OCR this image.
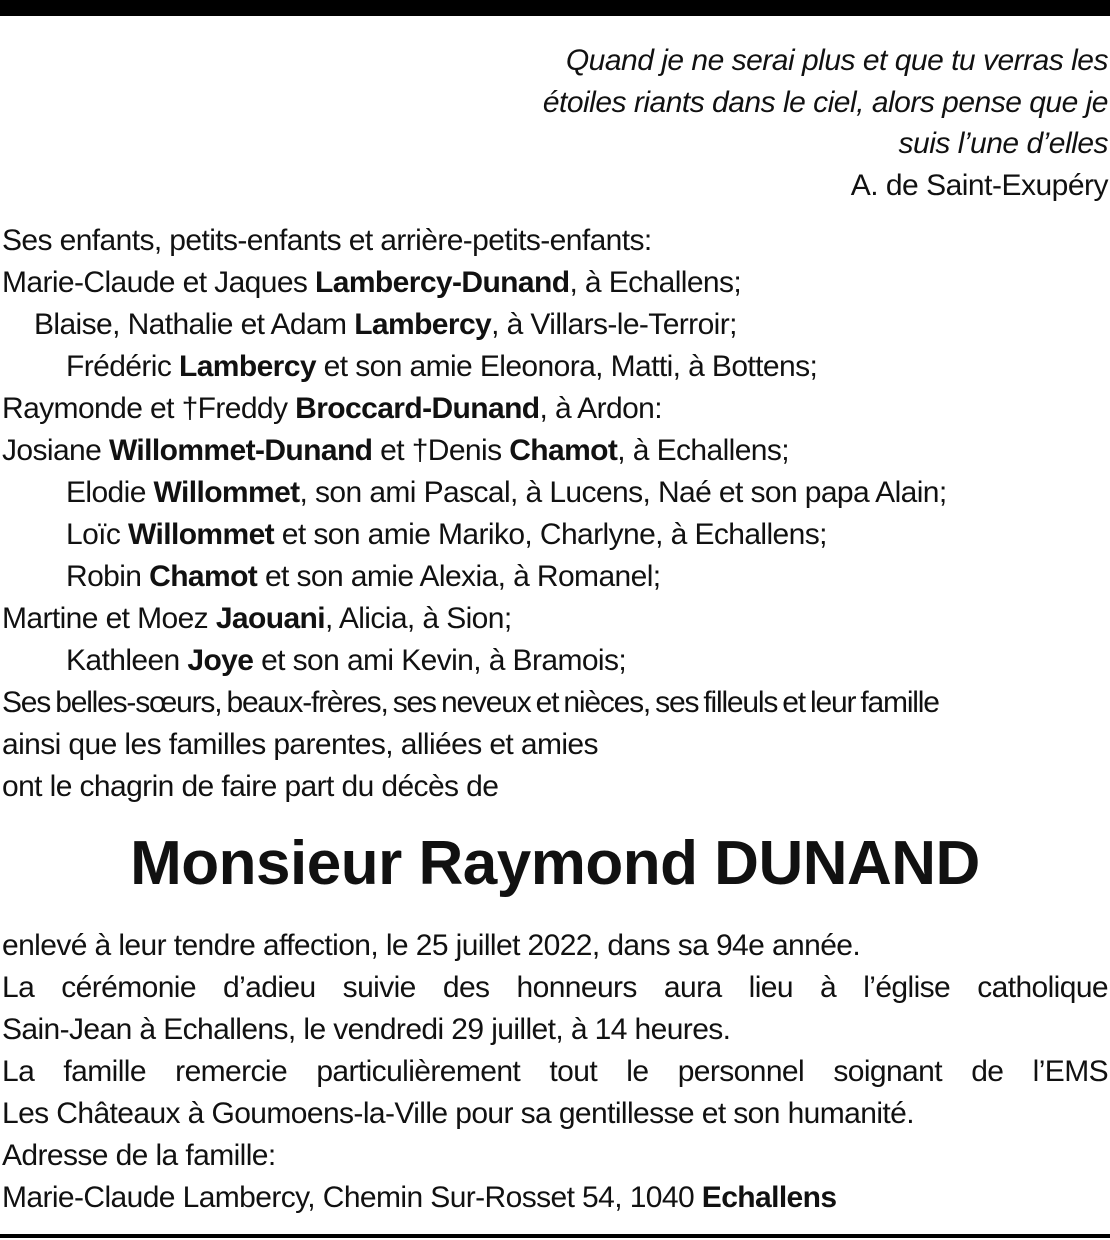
Quand je ne serai plus et que tu verras les
étoiles riants dans le ciel, alors pense que je
suis l’une d’elles
A. de Saint-Exupéry
Ses enfants, petits-enfants et arrière-petits-enfants:
Marie-Claude et Jaques Lambercy-Dunand, à Echallens;
Blaise, Nathalie et Adam Lambercy, à Villars-le-Terroir;
Frédéric Lambercy et son amie Eleonora, Matti, à Bottens;
Raymonde et †Freddy Broccard-Dunand, à Ardon:
Josiane Willommet-Dunand et †Denis Chamot, à Echallens;
Elodie Willommet, son ami Pascal, à Lucens, Naé et son papa Alain;
Loïc Willommet et son amie Mariko, Charlyne, à Echallens;
Robin Chamot et son amie Alexia, à Romanel;
Martine et Moez Jaouani, Alicia, à Sion;
Kathleen Joye et son ami Kevin, à Bramois;
Ses belles-sœurs, beaux-frères, ses neveux et nièces, ses filleuls et leur famille
ainsi que les familles parentes, alliées et amies
ont le chagrin de faire part du décès de
Monsieur Raymond DUNAND
enlevé à leur tendre affection, le 25 juillet 2022, dans sa 94e année.
La cérémonie d’adieu suivie des honneurs aura lieu à l’église catholique
Sain-Jean à Echallens, le vendredi 29 juillet, à 14 heures.
La famille remercie particulièrement tout le personnel soignant de l’EMS
Les Châteaux à Goumoens-la-Ville pour sa gentillesse et son humanité.
Adresse de la famille:
Marie-Claude Lambercy, Chemin Sur-Rosset 54, 1040 Echallens
